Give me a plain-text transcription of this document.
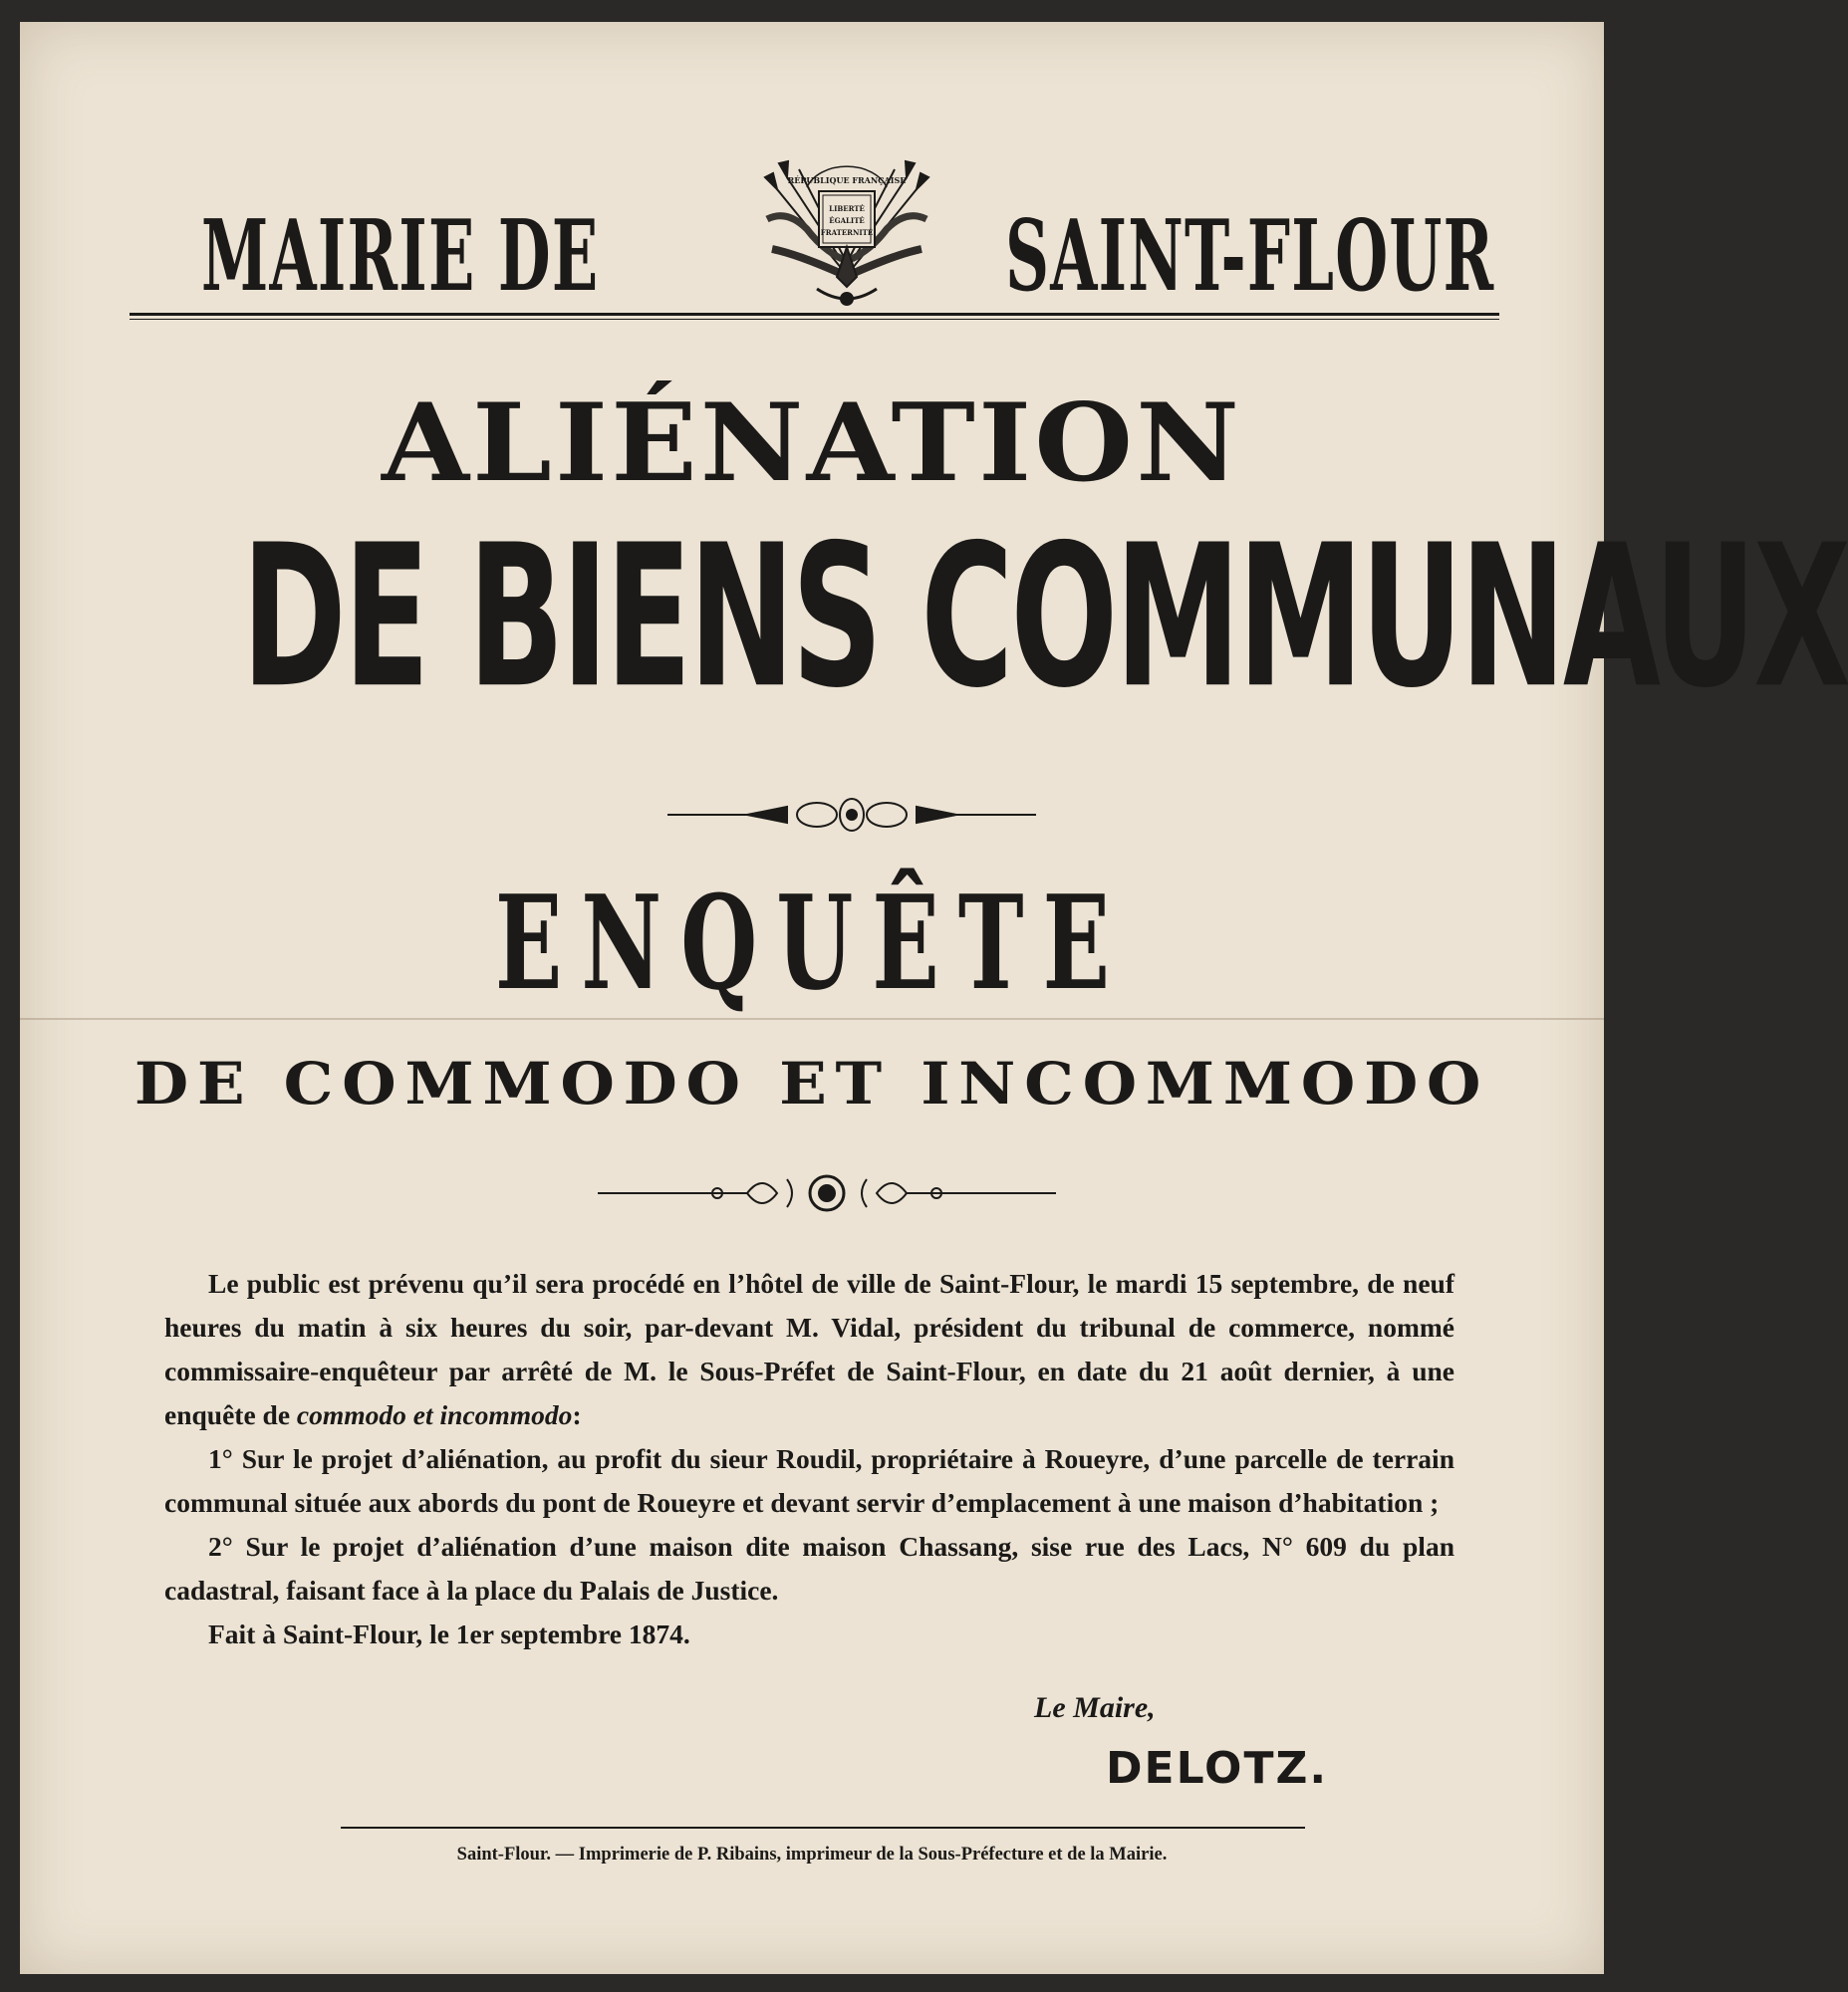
MAIRIE DE
RÉPUBLIQUE FRANÇAISE
LIBERTÉ
ÉGALITÉ
FRATERNITÉ SAINT-FLOUR
ALIÉNATION
DE BIENS COMMUNAUX
ENQUÊTE
DE COMMODO ET INCOMMODO

Le public est prévenu qu’il sera procédé en l’hôtel de ville de Saint-Flour, le mardi 15 septembre, de neuf heures du matin à six heures du soir, par-devant M. Vidal, président du tribunal de commerce, nommé commissaire-enquêteur par arrêté de M. le Sous-Préfet de Saint-Flour, en date du 21 août dernier, à une enquête de commodo et incommodo:

1° Sur le projet d’aliénation, au profit du sieur Roudil, propriétaire à Roueyre, d’une parcelle de terrain communal située aux abords du pont de Roueyre et devant servir d’emplacement à une maison d’habitation ;

2° Sur le projet d’aliénation d’une maison dite maison Chassang, sise rue des Lacs, N° 609 du plan cadastral, faisant face à la place du Palais de Justice.

Fait à Saint-Flour, le 1er septembre 1874.

Le Maire,
DELOTZ.
Saint-Flour. — Imprimerie de P. Ribains, imprimeur de la Sous-Préfecture et de la Mairie.
